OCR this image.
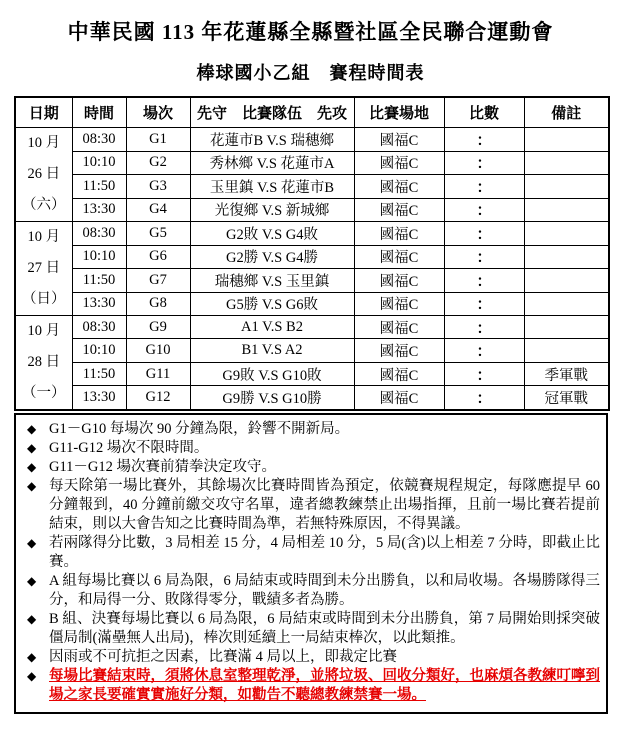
中華民國 113 年花蓮縣全縣暨社區全民聯合運動會
棒球國小乙組　賽程時間表
日期	時間	場次	先守　比賽隊伍　先攻	比賽場地	比數	備註

10 月
26 日
（六）	08:30	G1	花蓮市B V.S 瑞穗鄉	國福C	：	
	10:10	G2	秀林鄉 V.S 花蓮市A	國福C	：	
	11:50	G3	玉里鎮 V.S 花蓮市B	國福C	：	
	13:30	G4	光復鄉 V.S 新城鄉	國福C	：	

10 月
27 日
（日）	08:30	G5	G2敗 V.S G4敗	國福C	：	
	10:10	G6	G2勝 V.S G4勝	國福C	：	
	11:50	G7	瑞穗鄉 V.S 玉里鎮	國福C	：	
	13:30	G8	G5勝 V.S G6敗	國福C	：	

10 月
28 日
（一）	08:30	G9	A1 V.S B2	國福C	：	
	10:10	G10	B1 V.S A2	國福C	：	
	11:50	G11	G9敗 V.S G10敗	國福C	：	季軍戰
	13:30	G12	G9勝 V.S G10勝	國福C	：	冠軍戰
◆ G1－G10 每場次 90 分鐘為限，鈴響不開新局。
◆ G11-G12 場次不限時間。
◆ G11－G12 場次賽前猜拳決定攻守。
◆ 每天除第一場比賽外，其餘場次比賽時間皆為預定，依競賽規程規定，每隊應提早 60 分鐘報到，40 分鐘前繳交攻守名單，違者總教練禁止出場指揮，且前一場比賽若提前結束，則以大會告知之比賽時間為準，若無特殊原因，不得異議。
◆ 若兩隊得分比數，3 局相差 15 分，4 局相差 10 分，5 局(含)以上相差 7 分時，即截止比賽。
◆ A 組每場比賽以 6 局為限，6 局結束或時間到未分出勝負，以和局收場。各場勝隊得三分，和局得一分、敗隊得零分，戰績多者為勝。
◆ B 組、決賽每場比賽以 6 局為限，6 局結束或時間到未分出勝負，第 7 局開始則採突破僵局制(滿壘無人出局)，棒次則延續上一局結束棒次，以此類推。
◆ 因雨或不可抗拒之因素，比賽滿 4 局以上，即裁定比賽
◆ 每場比賽結束時，須將休息室整理乾淨，並將垃圾、回收分類好，也麻煩各教練叮嚀到場之家長要確實實施好分類，如勸告不聽總教練禁賽一場。
